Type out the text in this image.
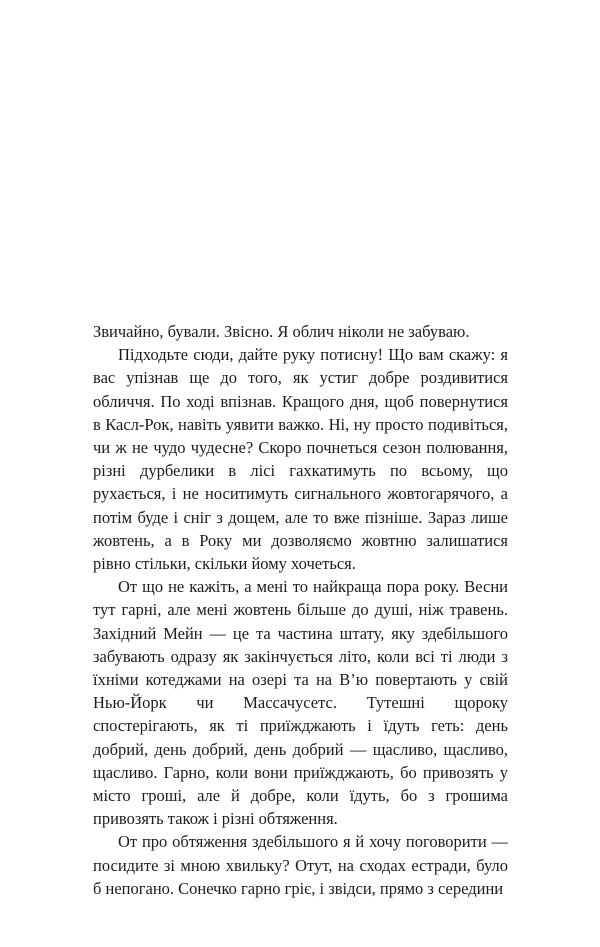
Звичайно, бували. Звісно. Я облич ніколи не забуваю.

Підходьте сюди, дайте руку потисну! Що вам скажу: я вас упізнав ще до того, як устиг добре роздивитися обличчя. По ході впізнав. Кращого дня, щоб повернутися в Касл-Рок, навіть уявити важко. Ні, ну просто подивіться, чи ж не чудо чудесне? Скоро почнеться сезон полювання, різні дурбелики в лісі гахкатимуть по всьому, що рухається, і не носитимуть сигнального жовтогарячого, а потім буде і сніг з дощем, але то вже пізніше. Зараз лише жовтень, а в Року ми дозволяємо жовтню залишатися рівно стільки, скільки йому хочеться.

От що не кажіть, а мені то найкраща пора року. Весни тут гарні, але мені жовтень більше до душі, ніж травень. Західний Мейн — це та частина штату, яку здебільшого забувають одразу як закінчується літо, коли всі ті люди з їхніми котеджами на озері та на В’ю повертають у свій Нью-Йорк чи Массачусетс. Тутешні щороку спостерігають, як ті приїжджають і їдуть геть: день добрий, день добрий, день добрий — щасливо, щасливо, щасливо. Гарно, коли вони приїжджають, бо привозять у місто гроші, але й добре, коли їдуть, бо з грошима привозять також і різні обтяження.

От про обтяження здебільшого я й хочу поговорити — посидите зі мною хвильку? Отут, на сходах естради, було б непогано. Сонечко гарно гріє, і звідси, прямо з середини
